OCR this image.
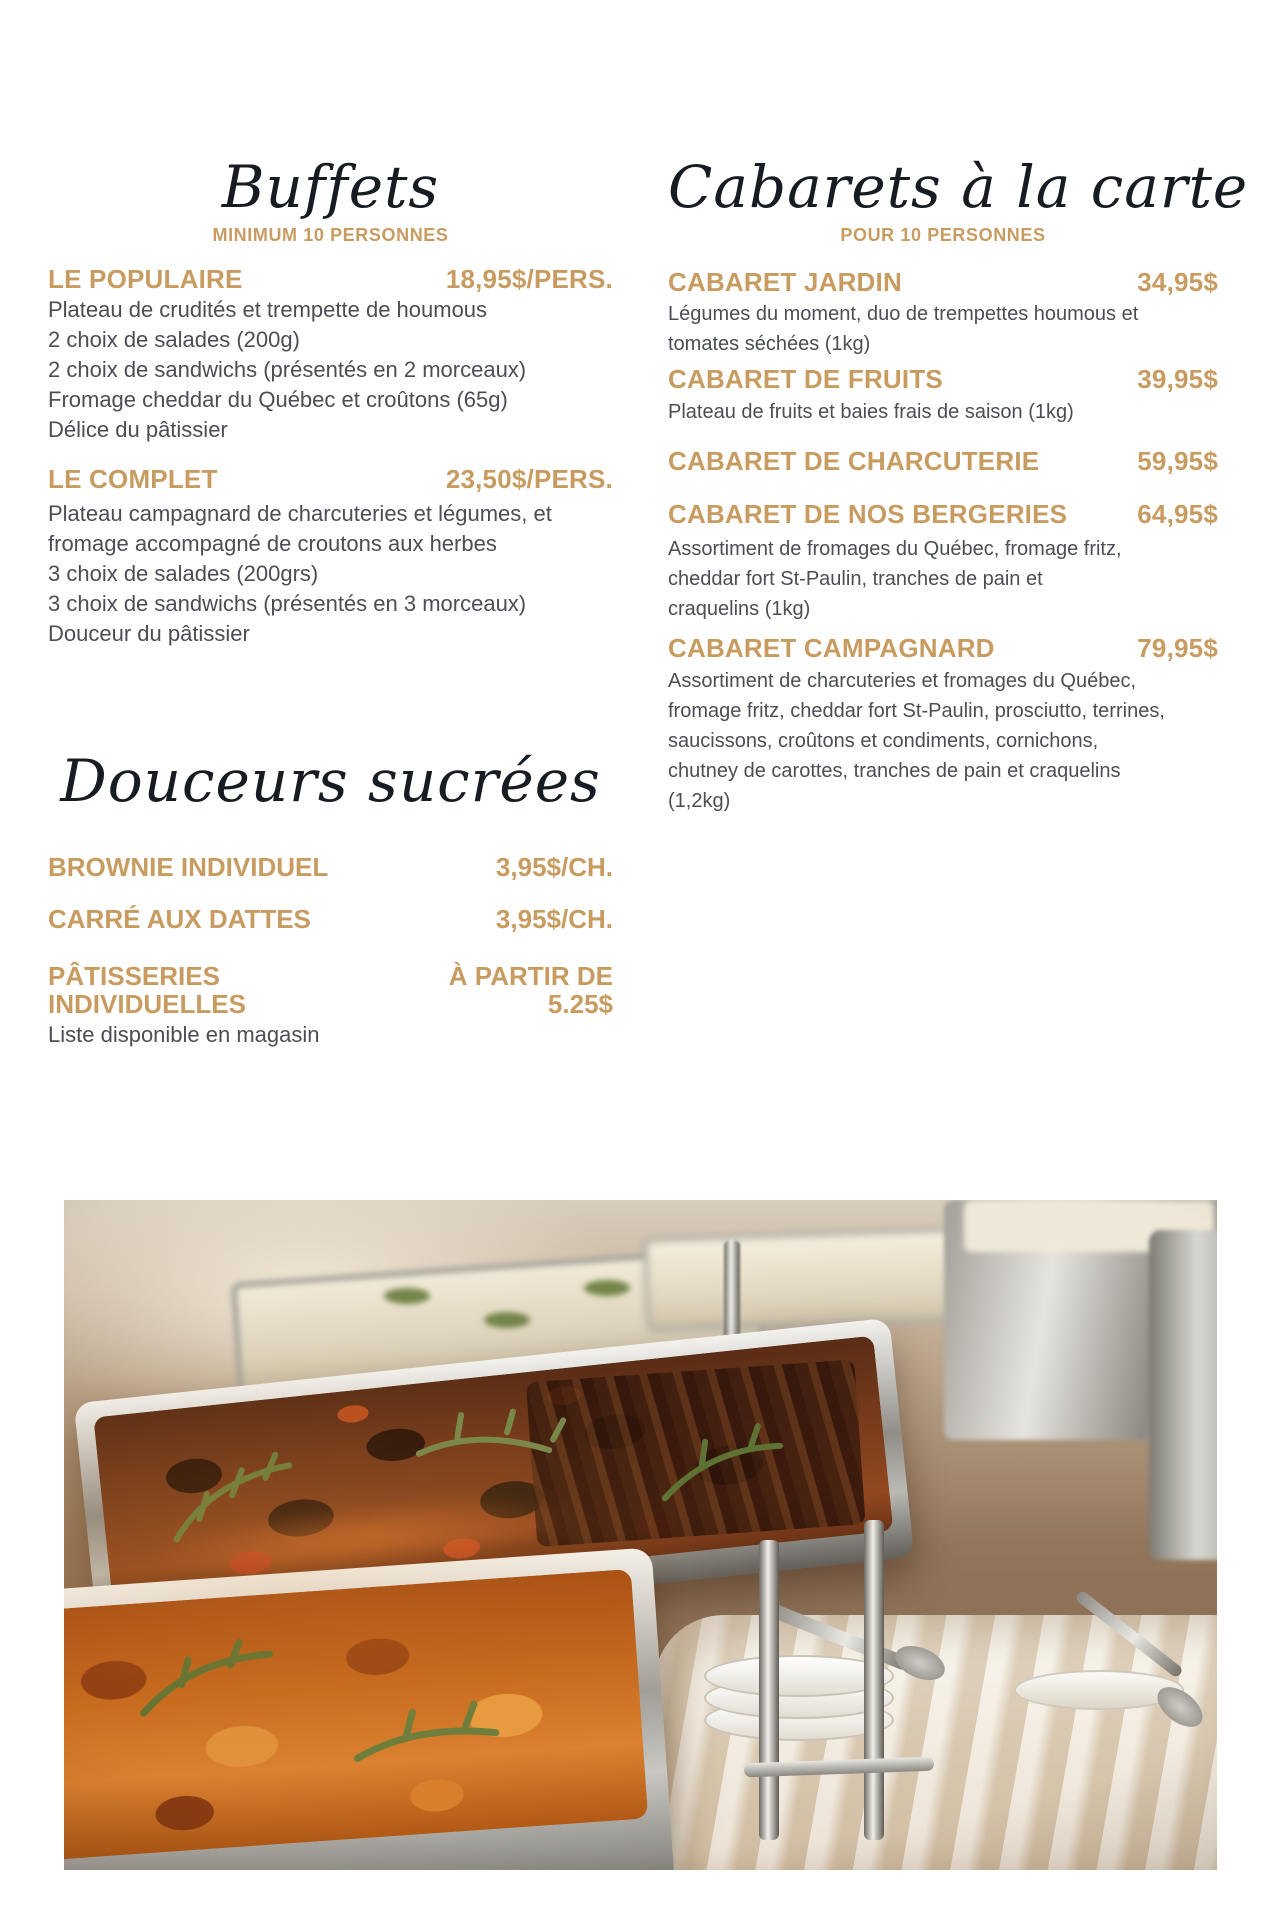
Buffets
MINIMUM 10 PERSONNES
LE POPULAIRE	18,95$/PERS.
Plateau de crudités et trempette de houmous
2 choix de salades (200g)
2 choix de sandwichs (présentés en 2 morceaux)
Fromage cheddar du Québec et croûtons (65g)
Délice du pâtissier
LE COMPLET	23,50$/PERS.
Plateau campagnard de charcuteries et légumes, et
fromage accompagné de croutons aux herbes
3 choix de salades (200grs)
3 choix de sandwichs (présentés en 3 morceaux)
Douceur du pâtissier
Douceurs sucrées
BROWNIE INDIVIDUEL	3,95$/CH.
CARRÉ AUX DATTES	3,95$/CH.
PÂTISSERIES INDIVIDUELLES
À PARTIR DE
5.25$
Liste disponible en magasin
Cabarets à la carte
POUR 10 PERSONNES
CABARET JARDIN	34,95$
Légumes du moment, duo de trempettes houmous et
tomates séchées (1kg)
CABARET DE FRUITS	39,95$
Plateau de fruits et baies frais de saison (1kg)
CABARET DE CHARCUTERIE	59,95$
CABARET DE NOS BERGERIES	64,95$
Assortiment de fromages du Québec, fromage fritz,
cheddar fort St-Paulin, tranches de pain et
craquelins (1kg)
CABARET CAMPAGNARD	79,95$
Assortiment de charcuteries et fromages du Québec,
fromage fritz, cheddar fort St-Paulin, prosciutto, terrines,
saucissons, croûtons et condiments, cornichons,
chutney de carottes, tranches de pain et craquelins
(1,2kg)
